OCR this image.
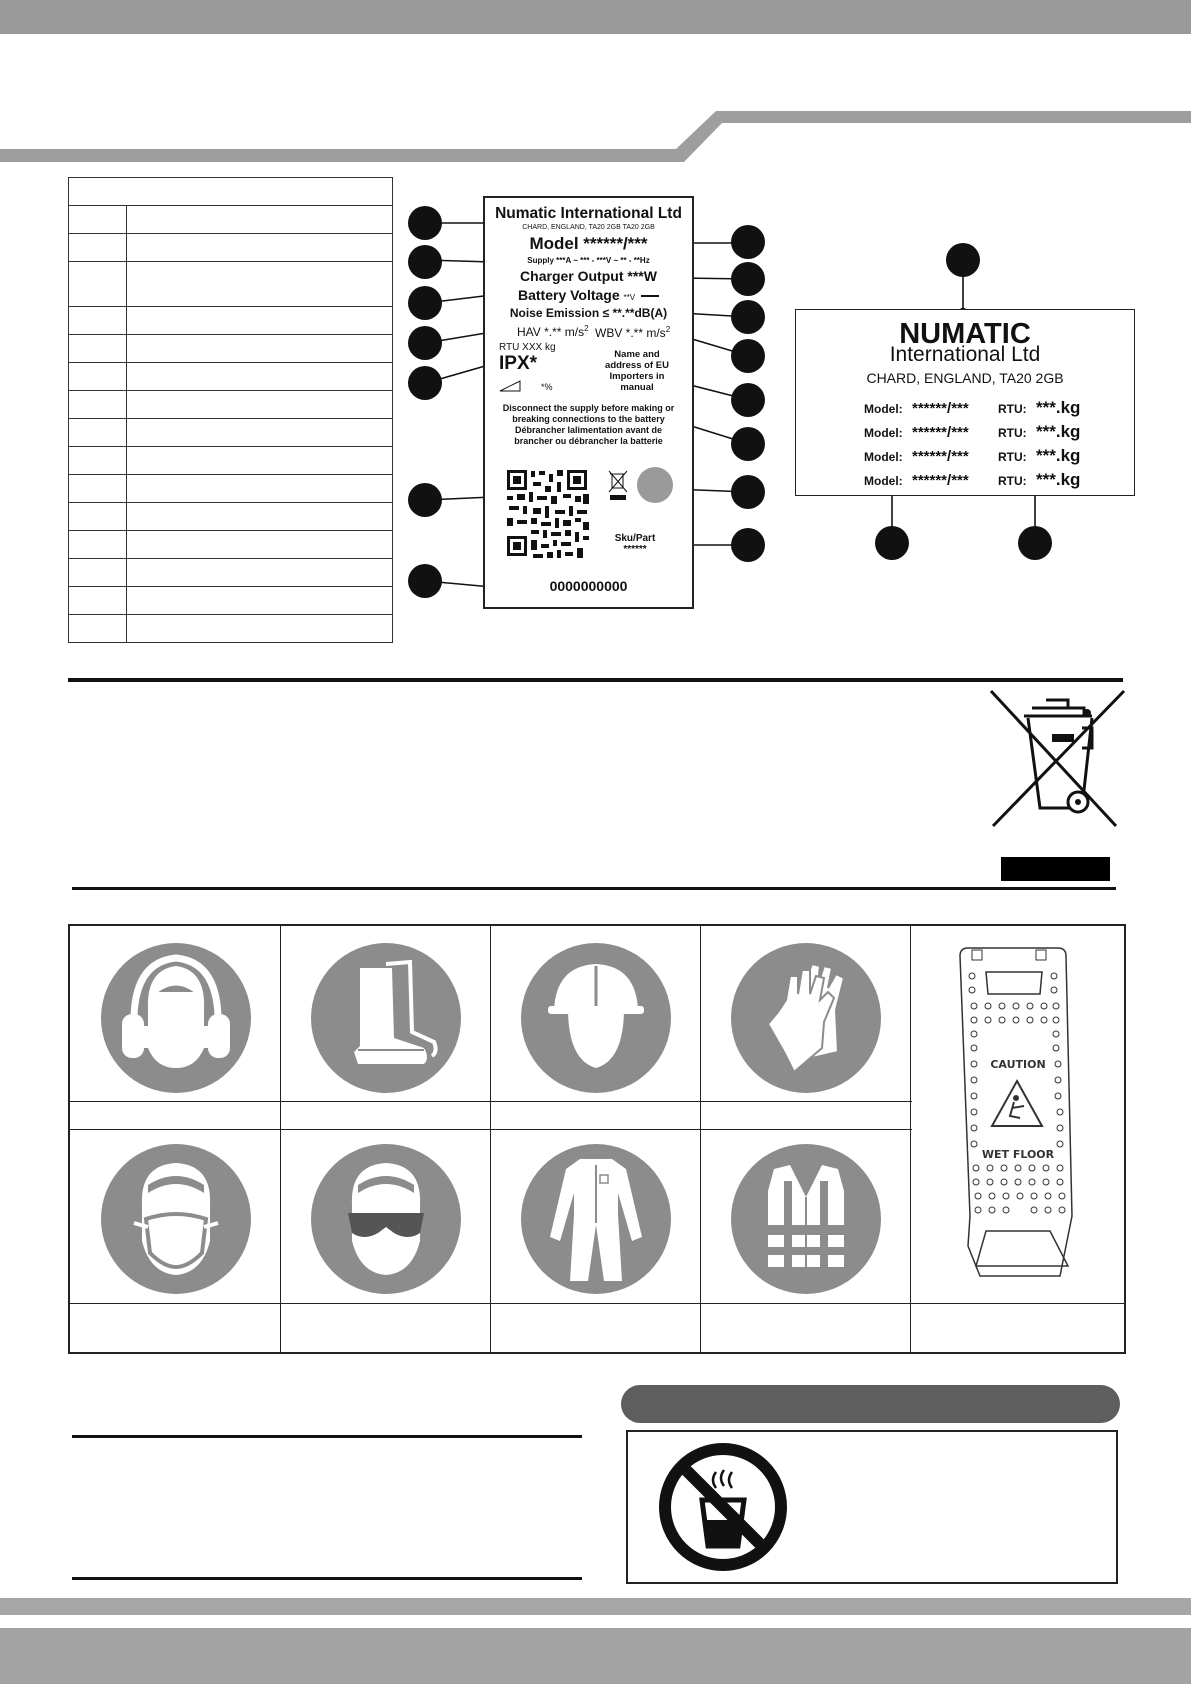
Numatic International Ltd
CHARD, ENGLAND, TA20 2GB TA20 2GB
Model ******/***
Supply ***A ~ *** - ***V ~ ** - **Hz
Charger Output ***W
Battery Voltage **V
Noise Emission ≤ **.**dB(A)
HAV *.** $m/s^2$ WBV *.** $m/s^2$
RTU XXX kg
IPX*	Name and address of EU Importers in manual
*%
Disconnect the supply before making or breaking connections to the battery
Débrancher lalimentation avant de brancher ou débrancher la batterie
Sku/Part
******
0000000000
NUMATIC
International Ltd
CHARD, ENGLAND, TA20 2GB
Model: ******/*** RTU: ***.kg
Model: ******/*** RTU: ***.kg
Model: ******/*** RTU: ***.kg
Model: ******/*** RTU: ***.kg
CAUTION
WET FLOOR
